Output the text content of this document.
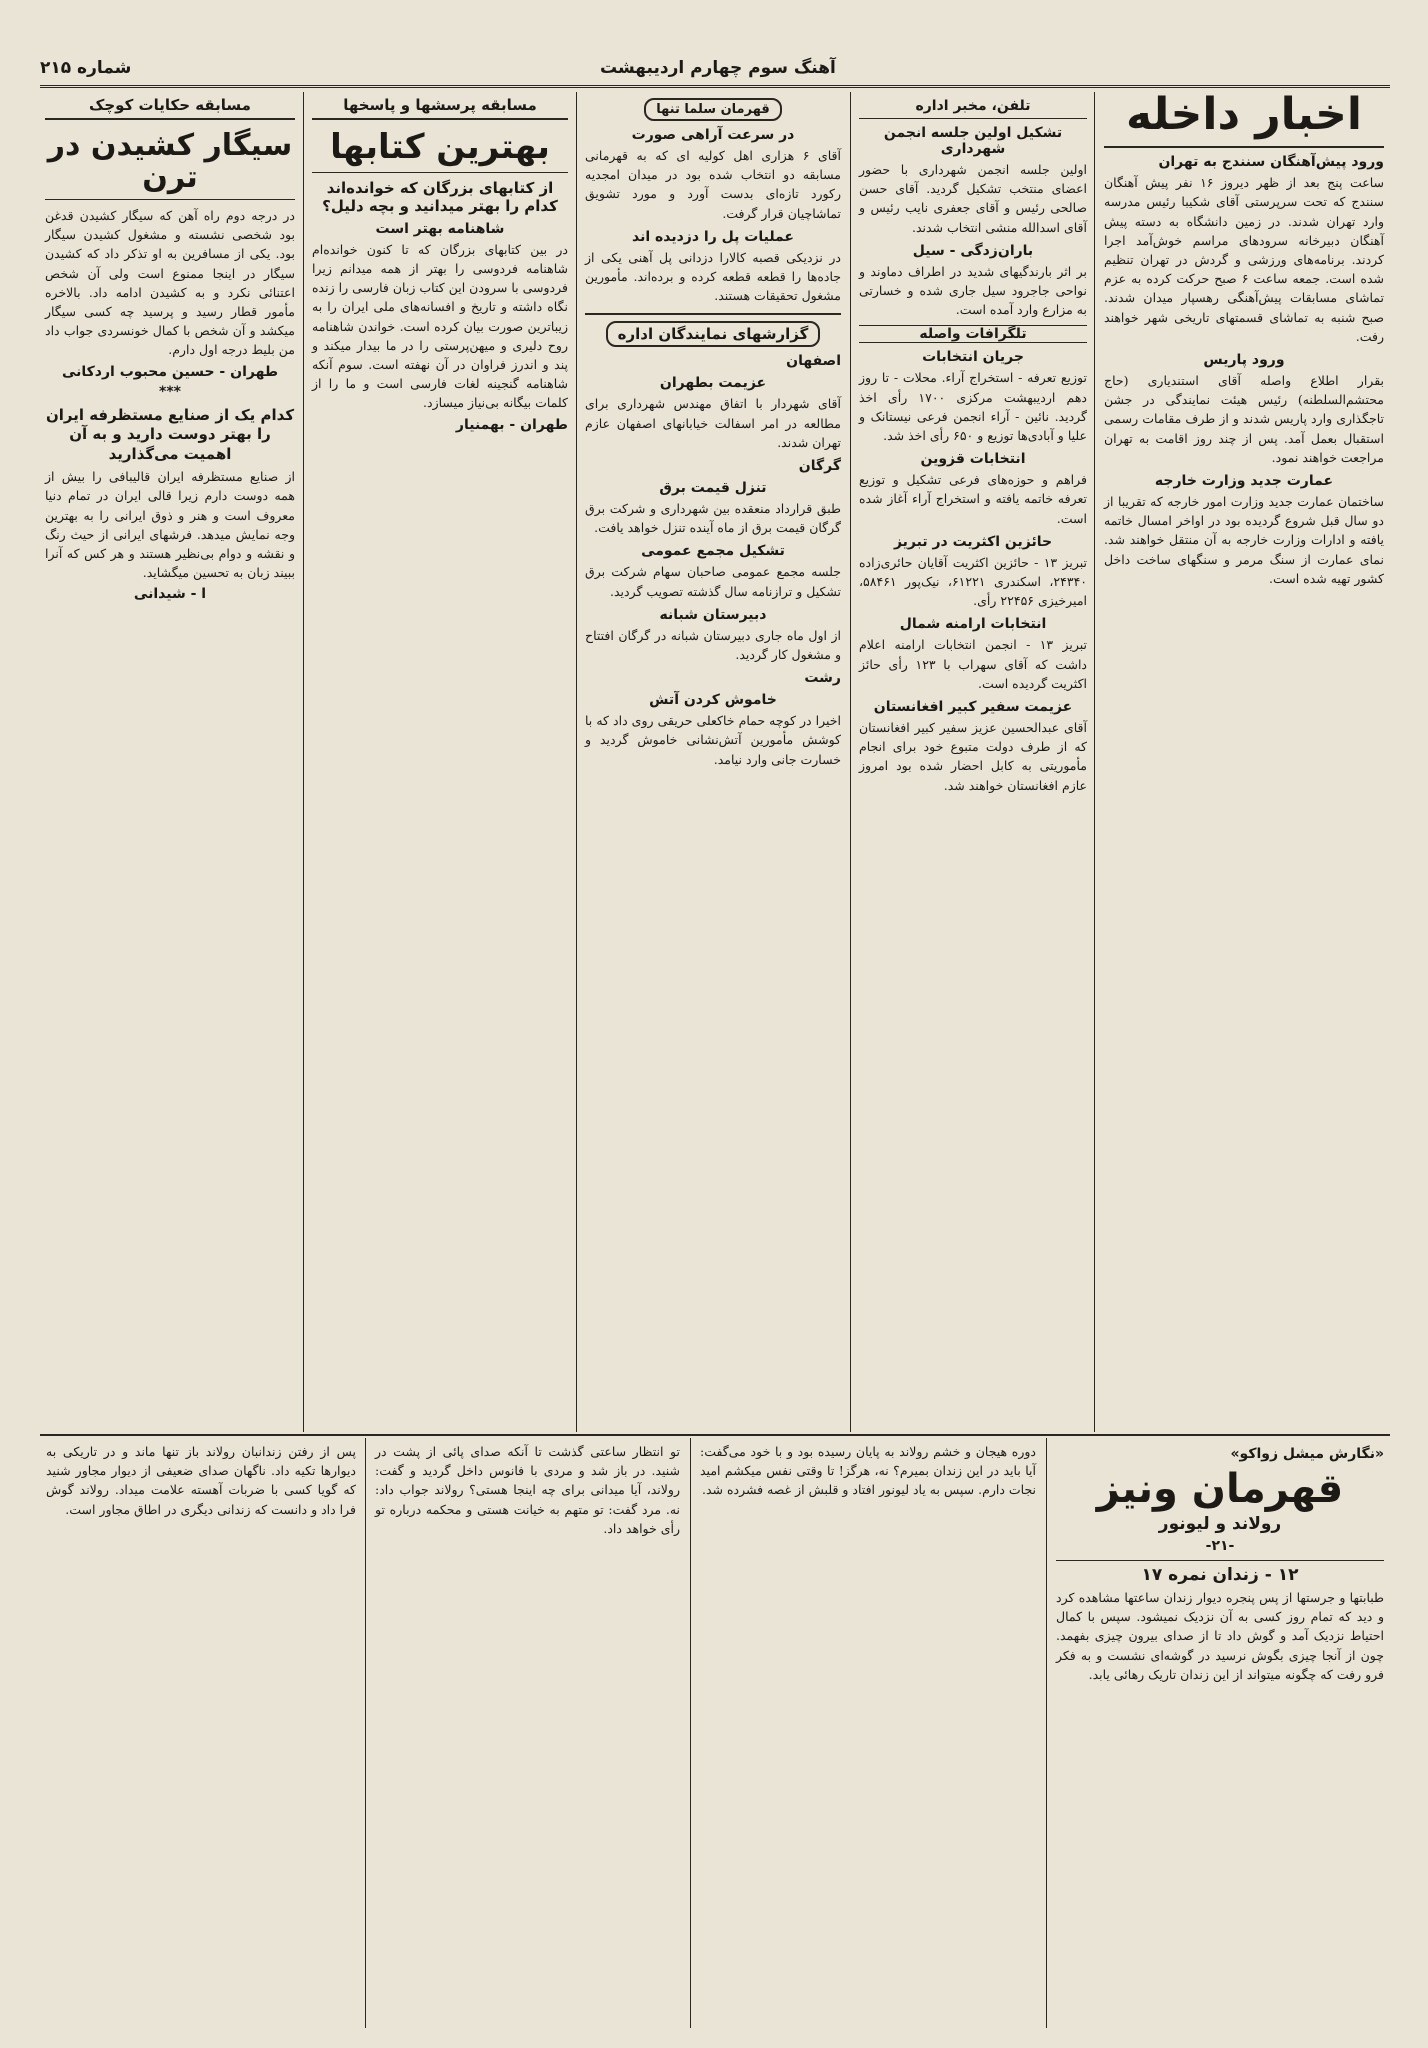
شماره ۲۱۵	آهنگ سوم چهارم اردیبهشت
اخبار داخله
ورود پیش‌آهنگان سنندج به تهران

ساعت پنج بعد از ظهر دیروز ۱۶ نفر پیش آهنگان سنندج که تحت سرپرستی آقای شکیبا رئیس مدرسه وارد تهران شدند. در زمین دانشگاه به دسته پیش آهنگان دبیرخانه سرودهای مراسم خوش‌آمد اجرا کردند. برنامه‌های ورزشی و گردش در تهران تنظیم شده است. جمعه ساعت ۶ صبح حرکت کرده به عزم تماشای مسابقات پیش‌آهنگی رهسپار میدان شدند. صبح شنبه به تماشای قسمتهای تاریخی شهر خواهند رفت.

ورود پاریس

بقرار اطلاع واصله آقای استندیاری (حاج محتشم‌السلطنه) رئیس هیئت نمایندگی در جشن تاجگذاری وارد پاریس شدند و از طرف مقامات رسمی استقبال بعمل آمد. پس از چند روز اقامت به تهران مراجعت خواهند نمود.

عمارت جدید وزارت خارجه

ساختمان عمارت جدید وزارت امور خارجه که تقریبا از دو سال قبل شروع گردیده بود در اواخر امسال خاتمه یافته و ادارات وزارت خارجه به آن منتقل خواهند شد. نمای عمارت از سنگ مرمر و سنگهای ساخت داخل کشور تهیه شده است.

تلفن، مخبر اداره
تشکیل اولین جلسه انجمن شهرداری

اولین جلسه انجمن شهرداری با حضور اعضای منتخب تشکیل گردید. آقای حسن صالحی رئیس و آقای جعفری نایب رئیس و آقای اسدالله منشی انتخاب شدند.

باران‌زدگی - سیل

بر اثر بارندگیهای شدید در اطراف دماوند و نواحی جاجرود سیل جاری شده و خسارتی به مزارع وارد آمده است.

تلگرافات واصله
جریان انتخابات

توزیع تعرفه - استخراج آراء. محلات - تا روز دهم اردیبهشت مرکزی ۱۷۰۰ رأی اخذ گردید. نائین - آراء انجمن فرعی نیستانک و علیا و آبادی‌ها توزیع و ۶۵۰ رأی اخذ شد.

انتخابات قزوین

فراهم و حوزه‌های فرعی تشکیل و توزیع تعرفه خاتمه یافته و استخراج آراء آغاز شده است.

حائزین اکثریت در تبریز

تبریز ۱۳ - حائزین اکثریت آقایان حائری‌زاده ۲۴۳۴۰، اسکندری ۶۱۲۲۱، نیک‌پور ۵۸۴۶۱، امیرخیزی ۲۲۴۵۶ رأی.

انتخابات ارامنه شمال

تبریز ۱۳ - انجمن انتخابات ارامنه اعلام داشت که آقای سهراب با ۱۲۳ رأی حائز اکثریت گردیده است.

عزیمت سفیر کبیر افغانستان

آقای عبدالحسین عزیز سفیر کبیر افغانستان که از طرف دولت متبوع خود برای انجام مأموریتی به کابل احضار شده بود امروز عازم افغانستان خواهند شد.

قهرمان سلما تنها
در سرعت آراهی صورت

آقای ۶ هزاری اهل کولیه ای که به قهرمانی مسابقه دو انتخاب شده بود در میدان امجدیه رکورد تازه‌ای بدست آورد و مورد تشویق تماشاچیان قرار گرفت.

عملیات پل را دزدیده اند

در نزدیکی قصبه کالارا دزدانی پل آهنی یکی از جاده‌ها را قطعه قطعه کرده و برده‌اند. مأمورین مشغول تحقیقات هستند.

گزارشهای نمایندگان اداره
اصفهان
عزیمت بطهران

آقای شهردار با اتفاق مهندس شهرداری برای مطالعه در امر اسفالت خیابانهای اصفهان عازم تهران شدند.

گرگان
تنزل قیمت برق

طبق قرارداد منعقده بین شهرداری و شرکت برق گرگان قیمت برق از ماه آینده تنزل خواهد یافت.

تشکیل مجمع عمومی

جلسه مجمع عمومی صاحبان سهام شرکت برق تشکیل و ترازنامه سال گذشته تصویب گردید.

دبیرستان شبانه

از اول ماه جاری دبیرستان شبانه در گرگان افتتاح و مشغول کار گردید.

رشت
خاموش کردن آتش

اخیرا در کوچه حمام خاکعلی حریقی روی داد که با کوشش مأمورین آتش‌نشانی خاموش گردید و خسارت جانی وارد نیامد.

مسابقه پرسشها و پاسخها
بهترین کتابها
از کتابهای بزرگان که خوانده‌اند کدام را بهتر میدانید و بچه دلیل؟
شاهنامه بهتر است

در بین کتابهای بزرگان که تا کنون خوانده‌ام شاهنامه فردوسی را بهتر از همه میدانم زیرا فردوسی با سرودن این کتاب زبان فارسی را زنده نگاه داشته و تاریخ و افسانه‌های ملی ایران را به زیباترین صورت بیان کرده است. خواندن شاهنامه روح دلیری و میهن‌پرستی را در ما بیدار میکند و پند و اندرز فراوان در آن نهفته است. سوم آنکه شاهنامه گنجینه لغات فارسی است و ما را از کلمات بیگانه بی‌نیاز میسازد.

طهران - بهمنیار
مسابقه حکایات کوچک
سیگار کشیدن در ترن

در درجه دوم راه آهن که سیگار کشیدن قدغن بود شخصی نشسته و مشغول کشیدن سیگار بود. یکی از مسافرین به او تذکر داد که کشیدن سیگار در اینجا ممنوع است ولی آن شخص اعتنائی نکرد و به کشیدن ادامه داد. بالاخره مأمور قطار رسید و پرسید چه کسی سیگار میکشد و آن شخص با کمال خونسردی جواب داد من بلیط درجه اول دارم.

طهران - حسین محبوب اردکانی
***
کدام یک از صنایع مستظرفه ایران را بهتر دوست دارید و به آن اهمیت می‌گذارید

از صنایع مستظرفه ایران قالیبافی را بیش از همه دوست دارم زیرا قالی ایران در تمام دنیا معروف است و هنر و ذوق ایرانی را به بهترین وجه نمایش میدهد. فرشهای ایرانی از حیث رنگ و نقشه و دوام بی‌نظیر هستند و هر کس که آنرا ببیند زبان به تحسین میگشاید.

ا - شیدانی
«نگارش میشل زواکو»
قهرمان ونیز
رولاند و لیونور
-۲۱-
۱۲ - زندان نمره ۱۷

طبابتها و جرستها از پس پنجره دیوار زندان ساعتها مشاهده کرد و دید که تمام روز کسی به آن نزدیک نمیشود. سپس با کمال احتیاط نزدیک آمد و گوش داد تا از صدای بیرون چیزی بفهمد. چون از آنجا چیزی بگوش نرسید در گوشه‌ای نشست و به فکر فرو رفت که چگونه میتواند از این زندان تاریک رهائی یابد.

دوره هیجان و خشم رولاند به پایان رسیده بود و با خود می‌گفت: آیا باید در این زندان بمیرم؟ نه، هرگز! تا وقتی نفس میکشم امید نجات دارم. سپس به یاد لیونور افتاد و قلبش از غصه فشرده شد.

تو انتظار ساعتی گذشت تا آنکه صدای پائی از پشت در شنید. در باز شد و مردی با فانوس داخل گردید و گفت: رولاند، آیا میدانی برای چه اینجا هستی؟ رولاند جواب داد: نه. مرد گفت: تو متهم به خیانت هستی و محکمه درباره تو رأی خواهد داد.

پس از رفتن زندانبان رولاند باز تنها ماند و در تاریکی به دیوارها تکیه داد. ناگهان صدای ضعیفی از دیوار مجاور شنید که گویا کسی با ضربات آهسته علامت میداد. رولاند گوش فرا داد و دانست که زندانی دیگری در اطاق مجاور است.
